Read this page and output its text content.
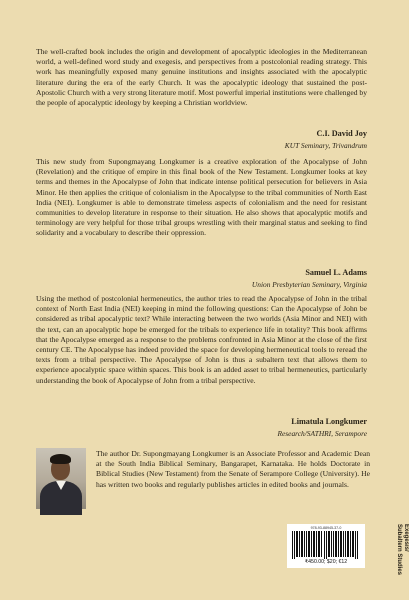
The well-crafted book includes the origin and development of apocalyptic ideologies in the Mediterranean world, a well-defined word study and exegesis, and perspectives from a postcolonial reading strategy. This work has meaningfully exposed many genuine institutions and insights associated with the apocalyptic literature during the era of the early Church. It was the apocalyptic ideology that sustained the post-Apostolic Church with a very strong literature motif. Most powerful imperial institutions were challenged by the people of apocalyptic ideology by keeping a Christian worldview.

C.I. David Joy
KUT Seminary, Trivandrum

This new study from Supongmayang Longkumer is a creative exploration of the Apocalypse of John (Revelation) and the critique of empire in this final book of the New Testament. Longkumer looks at key terms and themes in the Apocalypse of John that indicate intense political persecution for believers in Asia Minor. He then applies the critique of colonialism in the Apocalypse to the tribal communities of North East India (NEI). Longkumer is able to demonstrate timeless aspects of colonialism and the need for resistant communities to develop literature in response to their situation. He also shows that apocalyptic motifs and terminology are very helpful for those tribal groups wrestling with their marginal status and seeking to find solidarity and a vocabulary to describe their oppression.

Samuel L. Adams
Union Presbyterian Seminary, Virginia

Using the method of postcolonial hermeneutics, the author tries to read the Apocalypse of John in the tribal context of North East India (NEI) keeping in mind the following questions: Can the Apocalypse of John be considered as tribal apocalyptic text? While interacting between the two worlds (Asia Minor and NEI) with the text, can an apocalyptic hope be emerged for the tribals to experience life in totality? This book affirms that the Apocalypse emerged as a response to the problems confronted in Asia Minor at the close of the first century CE. The Apocalypse has indeed provided the space for developing hermeneutical tools to reread the texts from a tribal perspective. The Apocalypse of John is thus a subaltern text that allows them to experience apocalyptic space within spaces. This book is an added asset to tribal hermeneutics, particularly understanding the book of Apocalypse of John from a tribal perspective.

Limatula Longkumer
Research/SATHRI, Serampore

The author Dr. Supongmayang Longkumer is an Associate Professor and Academic Dean at the South India Biblical Seminary, Bangarapet, Karnataka. He holds Doctorate in Biblical Studies (New Testament) from the Senate of Serampore College (University). He has written two books and regularly publishes articles in edited books and journals.

978-93-88945-37-0
₹450.00; $20; €12
Exegesis/
Subaltern Studies
